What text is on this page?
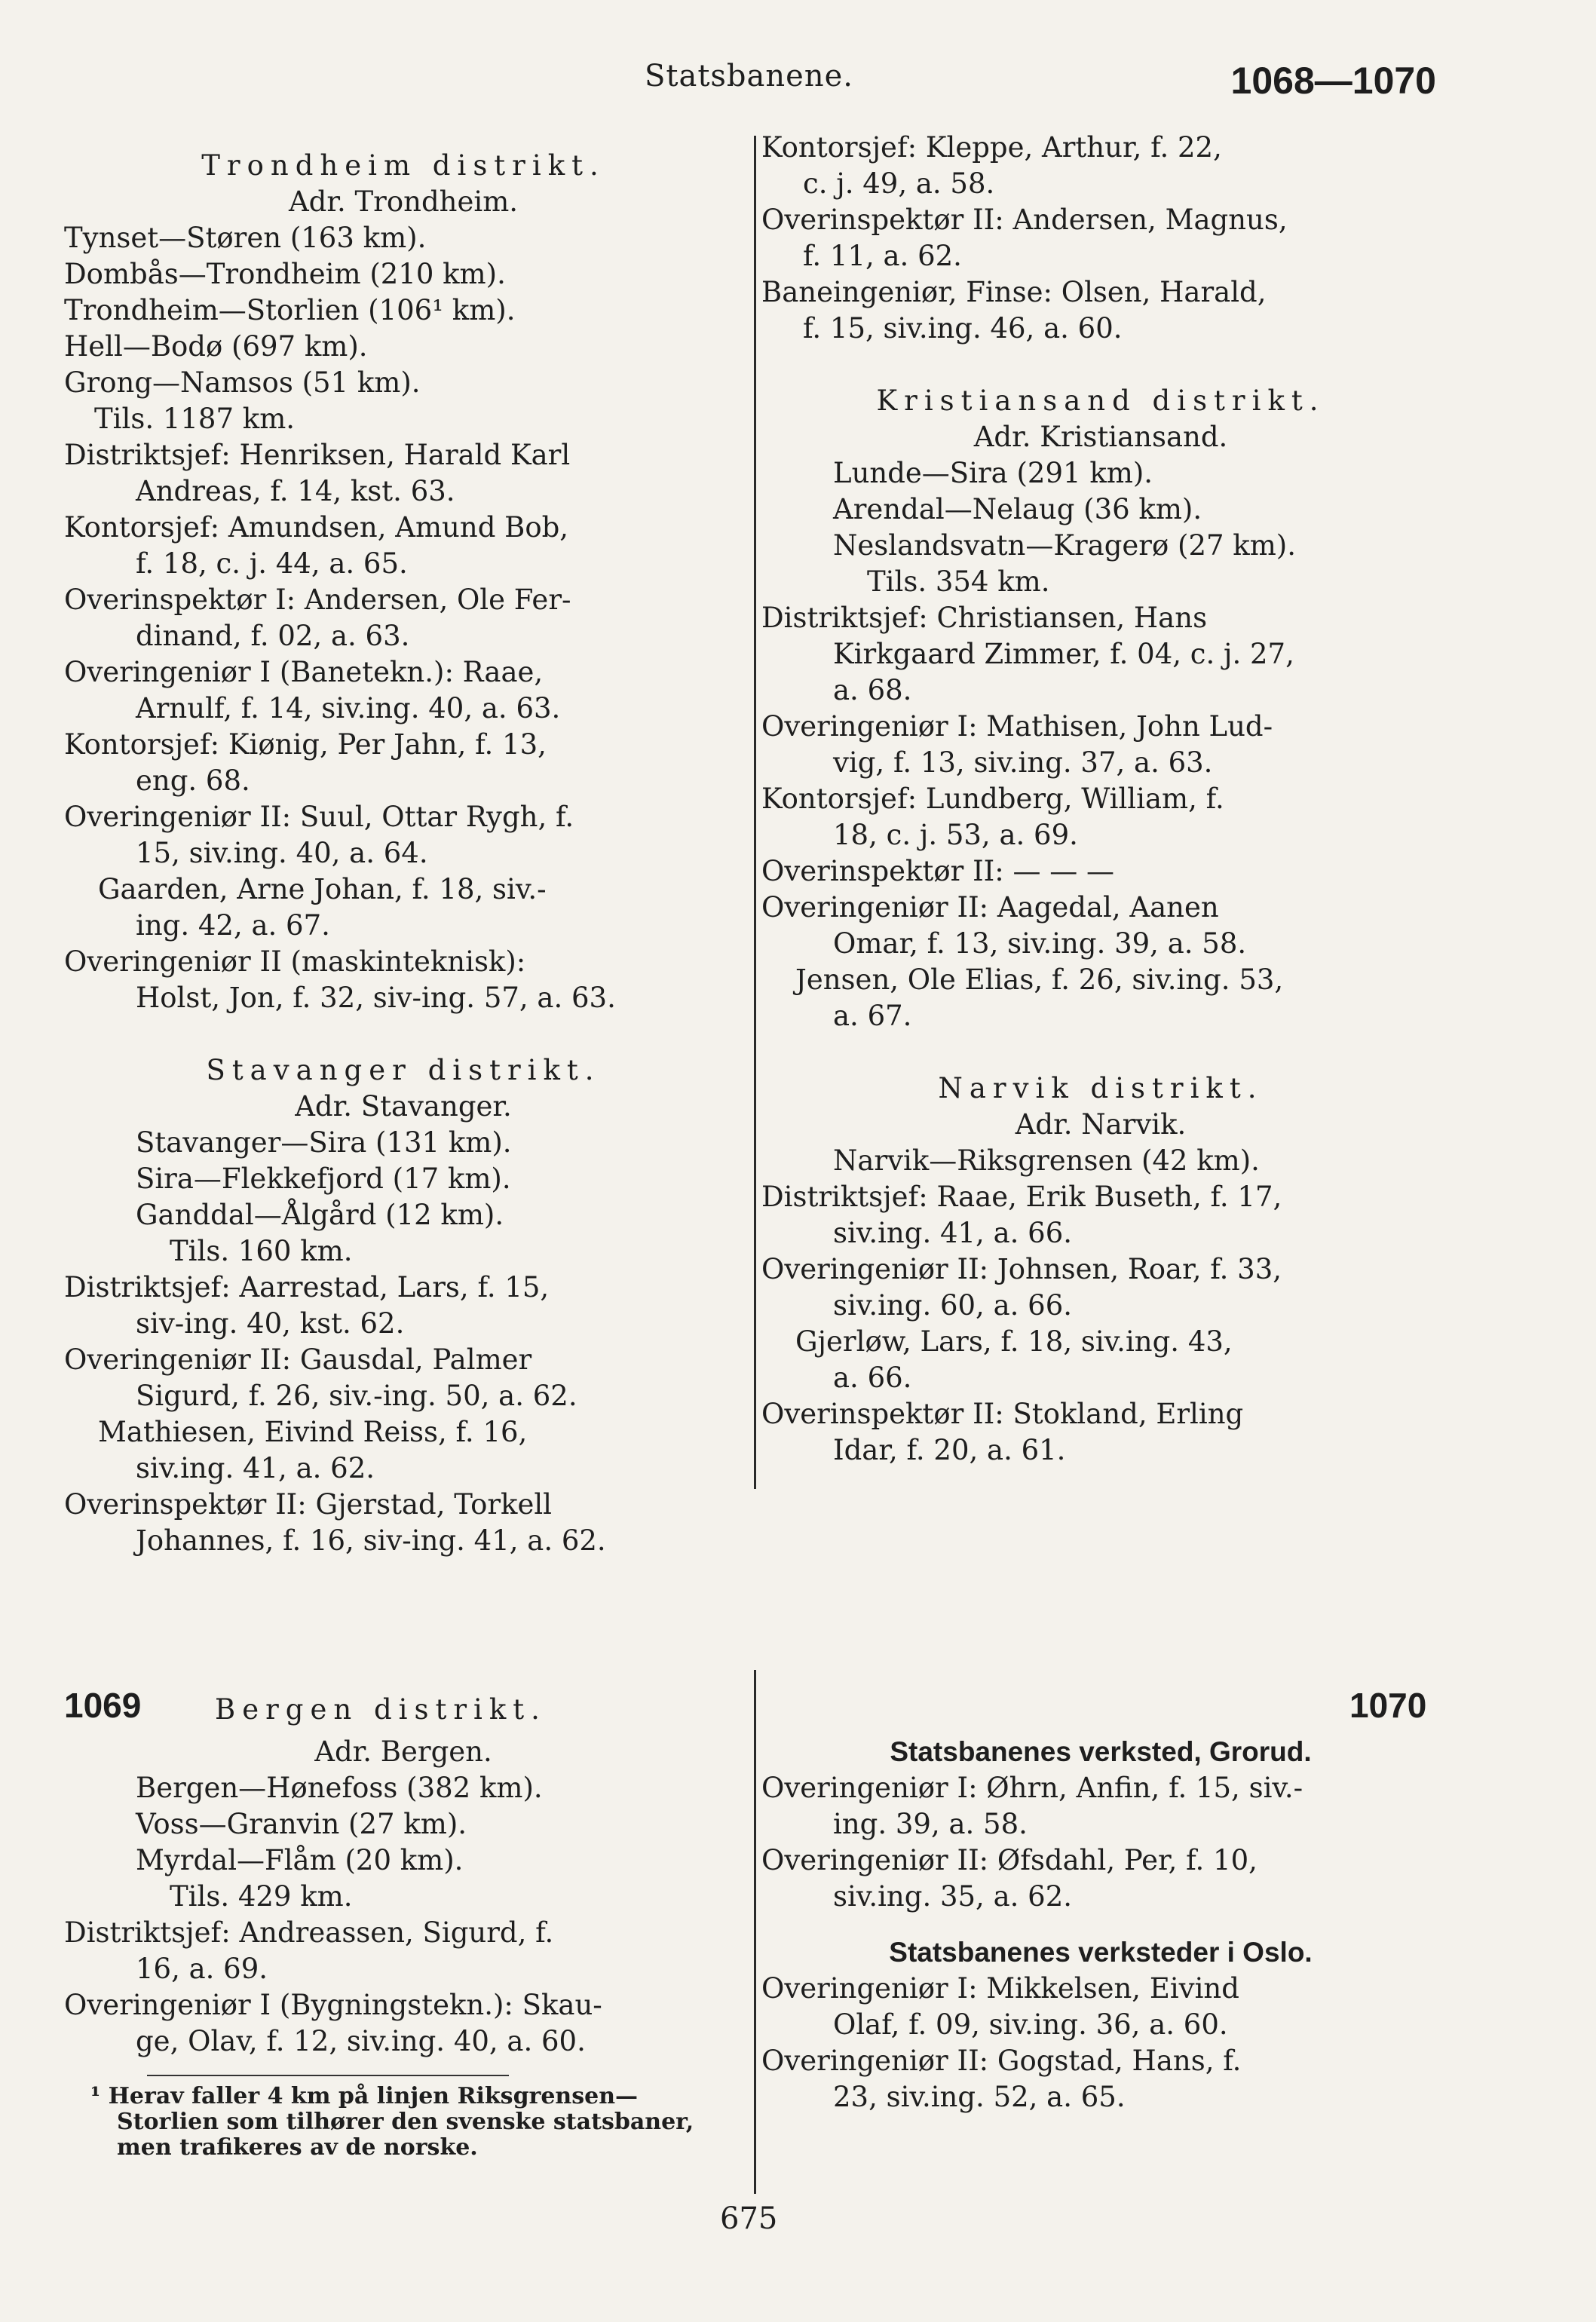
Statsbanene.	1068—1070
Trondheim distrikt.
Adr. Trondheim.
Tynset—Støren (163 km).
Dombås—Trondheim (210 km).
Trondheim—Storlien (106¹ km).
Hell—Bodø (697 km).
Grong—Namsos (51 km).
Tils. 1187 km.
Distriktsjef: Henriksen, Harald Karl
Andreas, f. 14, kst. 63.
Kontorsjef: Amundsen, Amund Bob,
f. 18, c. j. 44, a. 65.
Overinspektør I: Andersen, Ole Fer-
dinand, f. 02, a. 63.
Overingeniør I (Banetekn.): Raae,
Arnulf, f. 14, siv.ing. 40, a. 63.
Kontorsjef: Kiønig, Per Jahn, f. 13,
eng. 68.
Overingeniør II: Suul, Ottar Rygh, f.
15, siv.ing. 40, a. 64.
Gaarden, Arne Johan, f. 18, siv.-
ing. 42, a. 67.
Overingeniør II (maskinteknisk):
Holst, Jon, f. 32, siv-ing. 57, a. 63.
Stavanger distrikt.
Adr. Stavanger.
Stavanger—Sira (131 km).
Sira—Flekkefjord (17 km).
Ganddal—Ålgård (12 km).
Tils. 160 km.
Distriktsjef: Aarrestad, Lars, f. 15,
siv-ing. 40, kst. 62.
Overingeniør II: Gausdal, Palmer
Sigurd, f. 26, siv.-ing. 50, a. 62.
Mathiesen, Eivind Reiss, f. 16,
siv.ing. 41, a. 62.
Overinspektør II: Gjerstad, Torkell
Johannes, f. 16, siv-ing. 41, a. 62.
Kontorsjef: Kleppe, Arthur, f. 22,
c. j. 49, a. 58.
Overinspektør II: Andersen, Magnus,
f. 11, a. 62.
Baneingeniør, Finse: Olsen, Harald,
f. 15, siv.ing. 46, a. 60.
Kristiansand distrikt.
Adr. Kristiansand.
Lunde—Sira (291 km).
Arendal—Nelaug (36 km).
Neslandsvatn—Kragerø (27 km).
Tils. 354 km.
Distriktsjef: Christiansen, Hans
Kirkgaard Zimmer, f. 04, c. j. 27,
a. 68.
Overingeniør I: Mathisen, John Lud-
vig, f. 13, siv.ing. 37, a. 63.
Kontorsjef: Lundberg, William, f.
18, c. j. 53, a. 69.
Overinspektør II: — — —
Overingeniør II: Aagedal, Aanen
Omar, f. 13, siv.ing. 39, a. 58.
Jensen, Ole Elias, f. 26, siv.ing. 53,
a. 67.
Narvik distrikt.
Adr. Narvik.
Narvik—Riksgrensen (42 km).
Distriktsjef: Raae, Erik Buseth, f. 17,
siv.ing. 41, a. 66.
Overingeniør II: Johnsen, Roar, f. 33,
siv.ing. 60, a. 66.
Gjerløw, Lars, f. 18, siv.ing. 43,
a. 66.
Overinspektør II: Stokland, Erling
Idar, f. 20, a. 61.
1069	Bergen distrikt.
Adr. Bergen.
Bergen—Hønefoss (382 km).
Voss—Granvin (27 km).
Myrdal—Flåm (20 km).
Tils. 429 km.
Distriktsjef: Andreassen, Sigurd, f.
16, a. 69.
Overingeniør I (Bygningstekn.): Skau-
ge, Olav, f. 12, siv.ing. 40, a. 60.
¹ Herav faller 4 km på linjen Riksgrensen—
Storlien som tilhører den svenske statsbaner,
men trafikeres av de norske.
1070
Statsbanenes verksted, Grorud.
Overingeniør I: Øhrn, Anfin, f. 15, siv.-
ing. 39, a. 58.
Overingeniør II: Øfsdahl, Per, f. 10,
siv.ing. 35, a. 62.
Statsbanenes verksteder i Oslo.
Overingeniør I: Mikkelsen, Eivind
Olaf, f. 09, siv.ing. 36, a. 60.
Overingeniør II: Gogstad, Hans, f.
23, siv.ing. 52, a. 65.
675
